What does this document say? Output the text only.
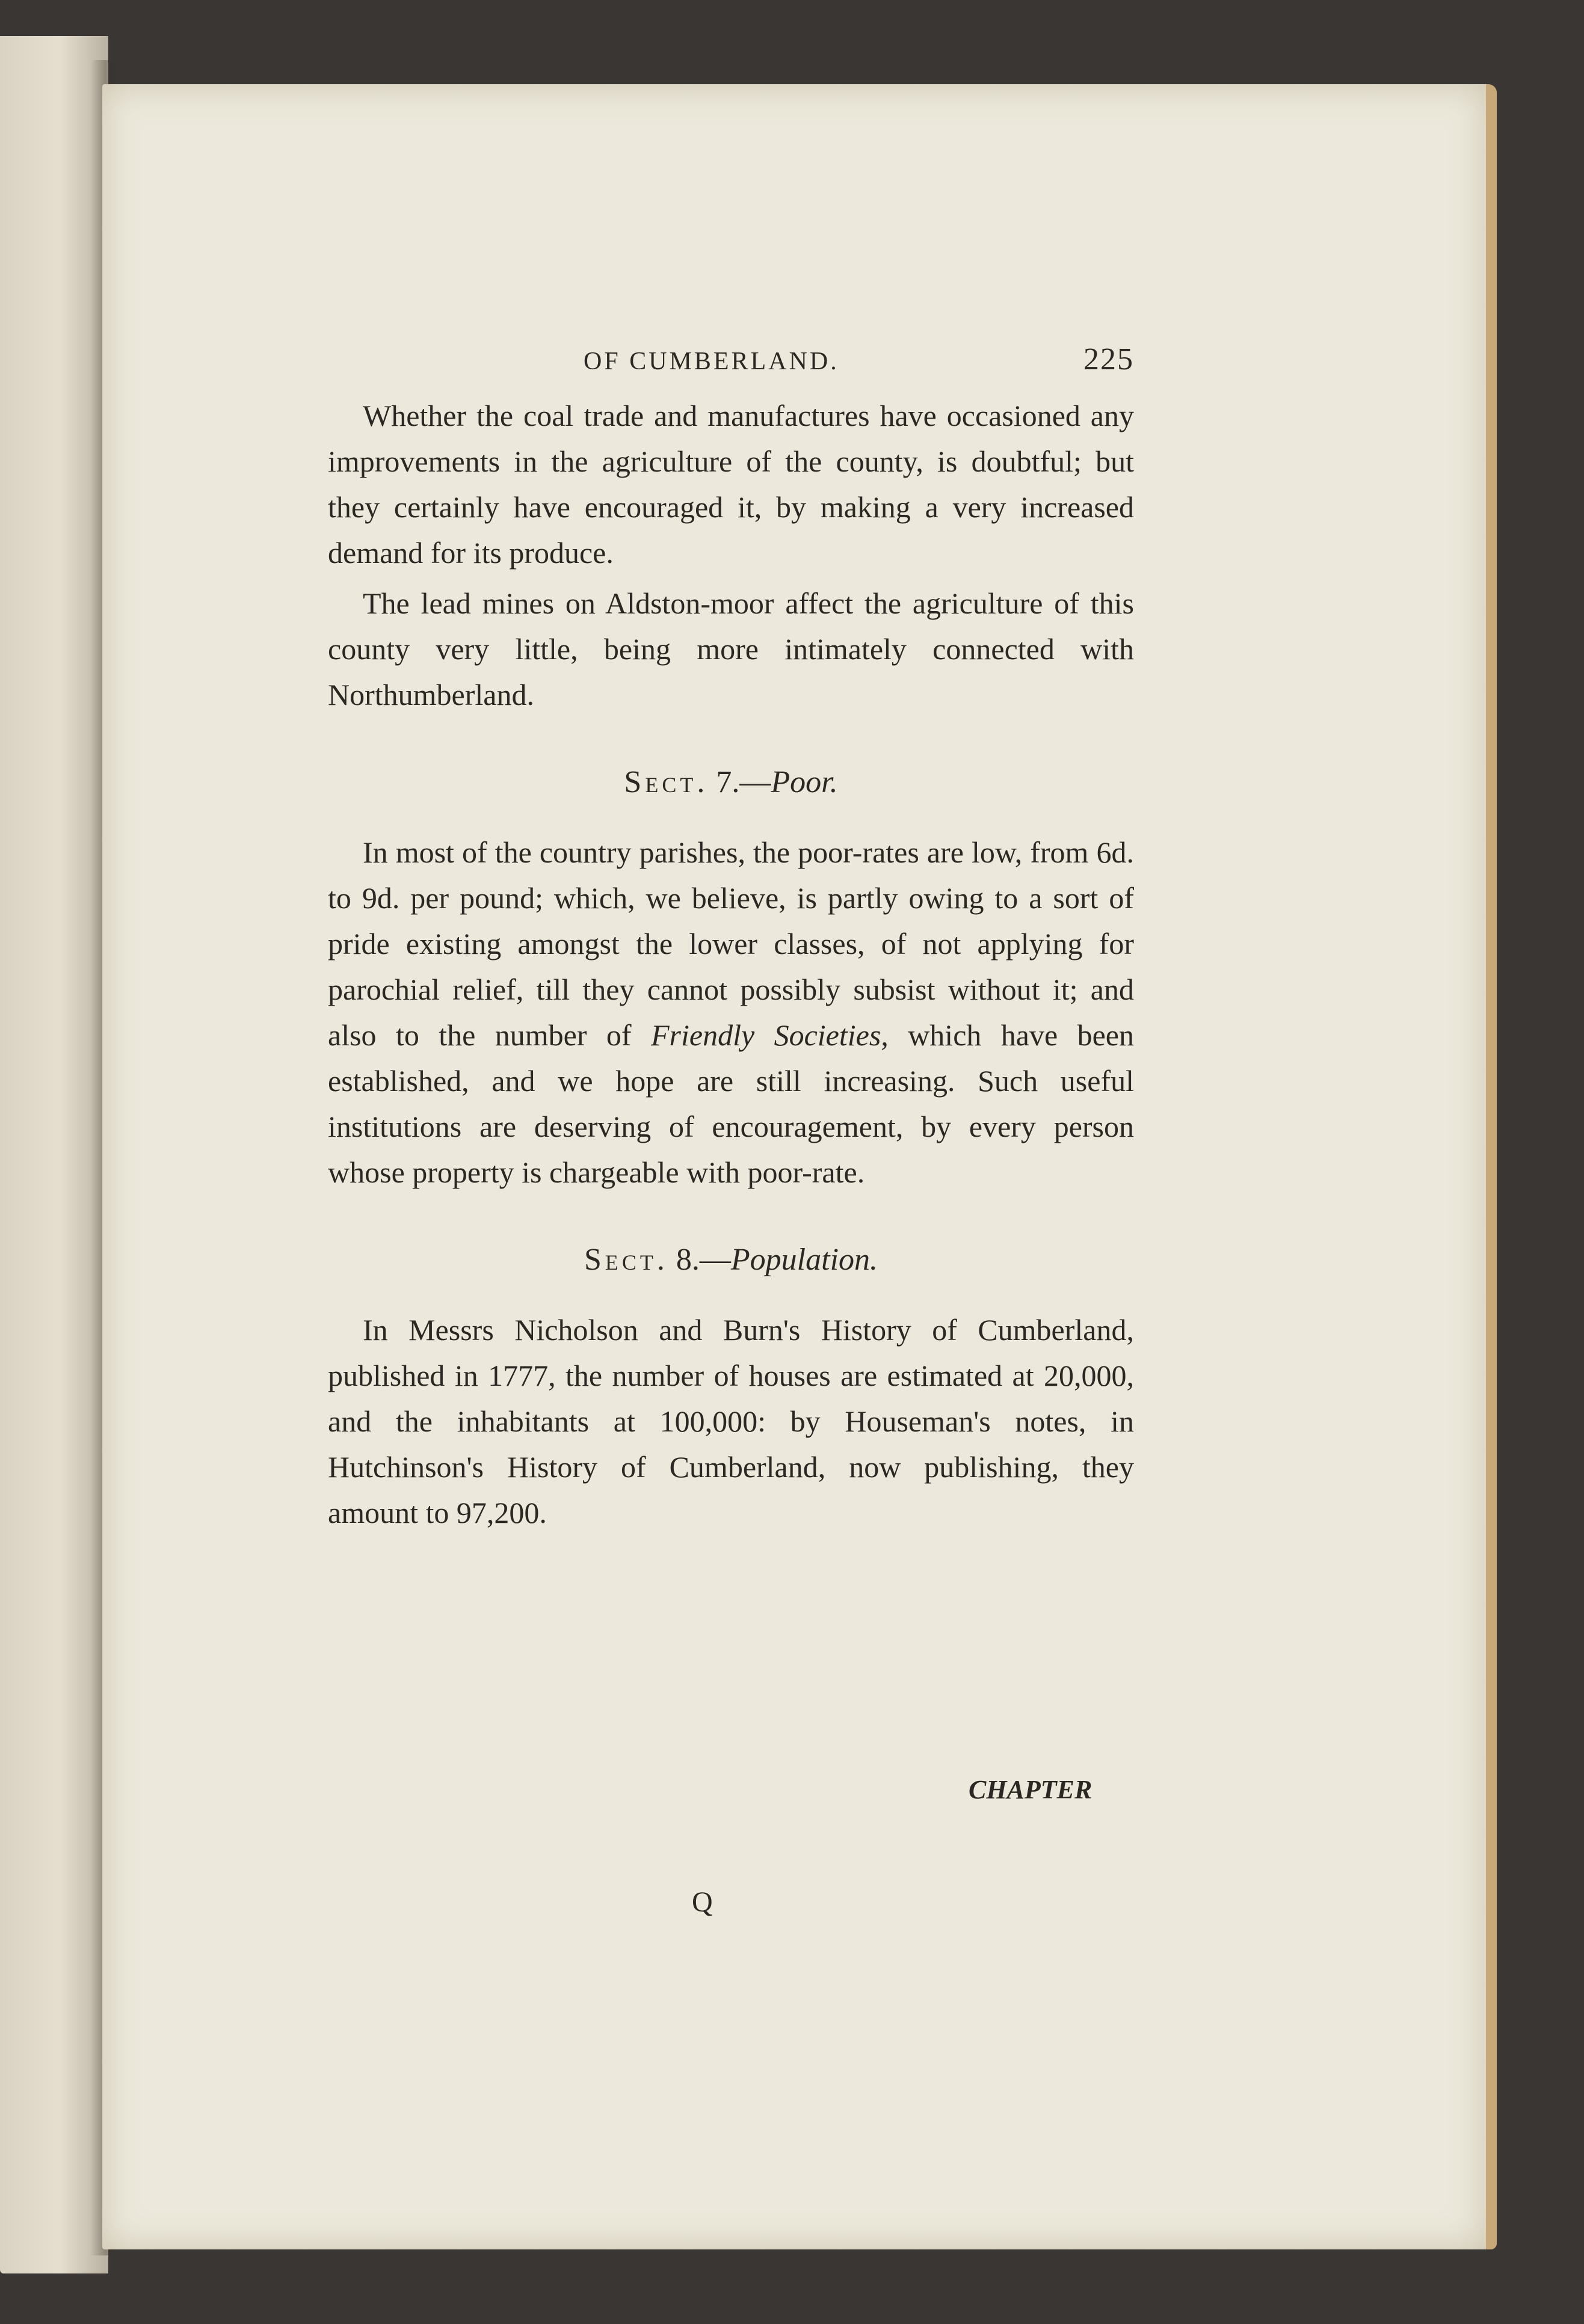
OF CUMBERLAND.	225

Whether the coal trade and manufactures have occasioned any improvements in the agriculture of the county, is doubtful; but they certainly have encouraged it, by making a very increased demand for its produce.

The lead mines on Aldston-moor affect the agriculture of this county very little, being more intimately connected with Northumberland.

Sect. 7.—Poor.

In most of the country parishes, the poor-rates are low, from 6d. to 9d. per pound; which, we believe, is partly owing to a sort of pride existing amongst the lower classes, of not applying for parochial relief, till they cannot possibly subsist without it; and also to the number of Friendly Societies, which have been established, and we hope are still increasing. Such useful institutions are deserving of encouragement, by every person whose property is chargeable with poor-rate.

Sect. 8.—Population.

In Messrs Nicholson and Burn's History of Cumberland, published in 1777, the number of houses are estimated at 20,000, and the inhabitants at 100,000: by Houseman's notes, in Hutchinson's History of Cumberland, now publishing, they amount to 97,200.

CHAPTER
Q
